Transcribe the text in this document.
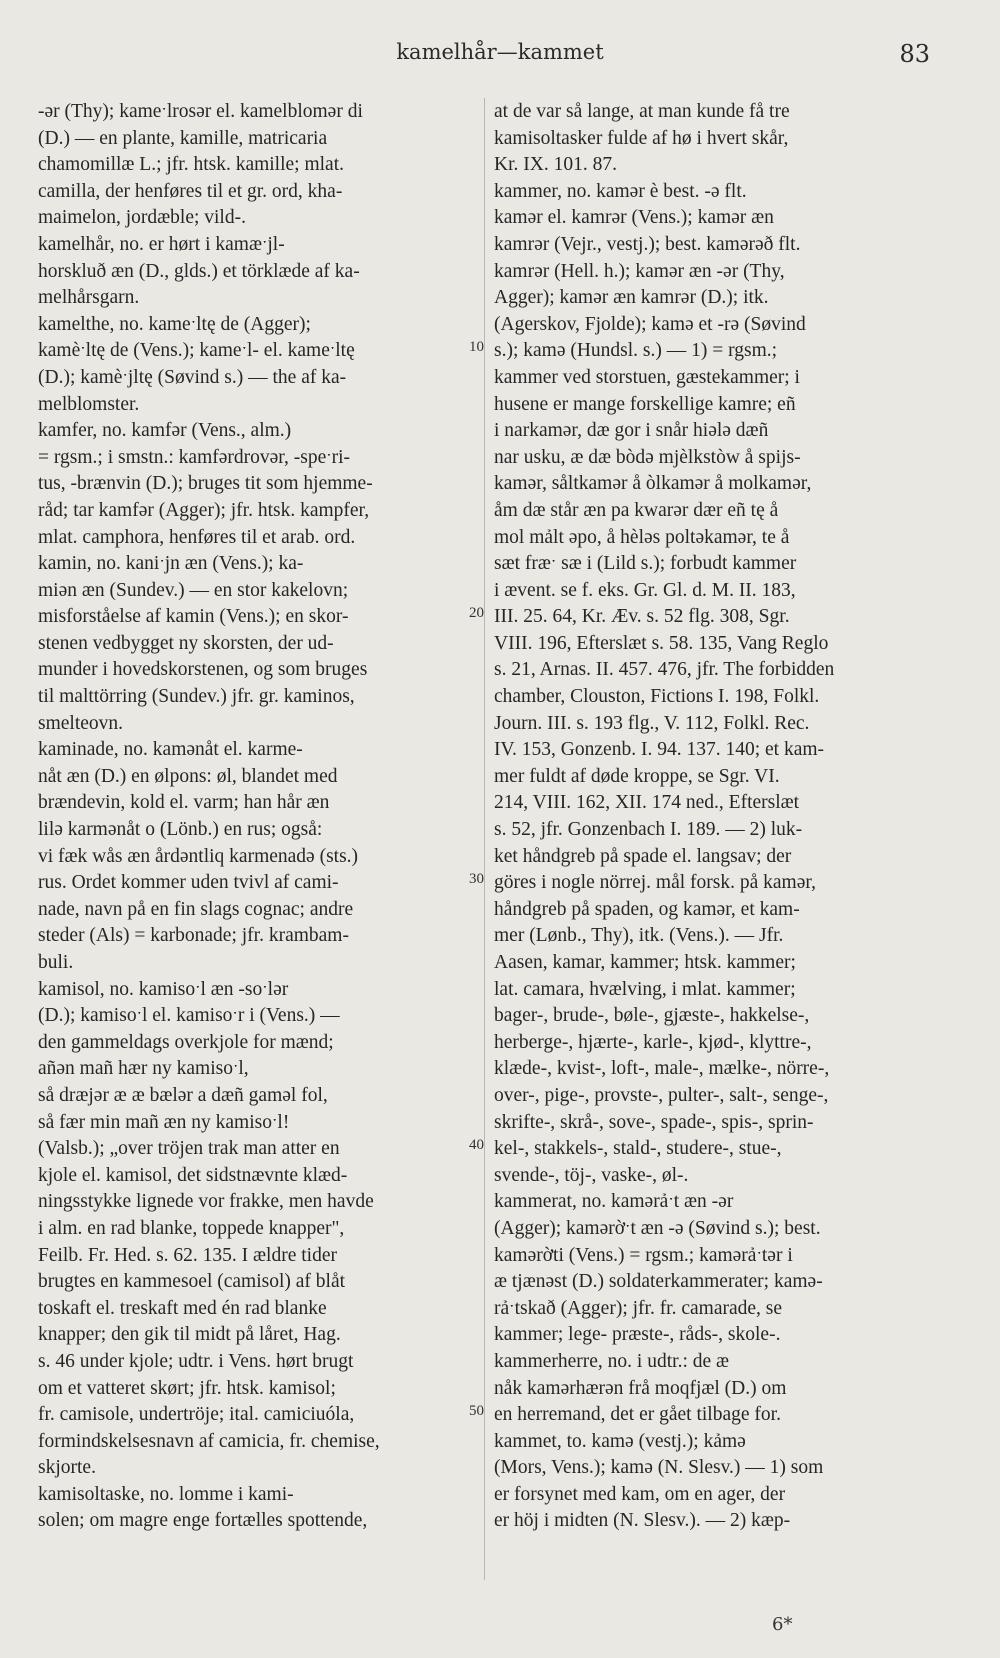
kamelhår—kammet	83
-ər (Thy); kameˑlrosər el. kamelblomər di
(D.) — en plante, kamille, matricaria
chamomillæ L.; jfr. htsk. kamille; mlat.
camilla, der henføres til et gr. ord, kha-
maimelon, jordæble; vild-.
kamelhår, no. er hørt i kamæˑjl-
horskluð æn (D., glds.) et törklæde af ka-
melhårsgarn.
kamelthe, no. kameˑltę de (Agger);
kamèˑltę de (Vens.); kameˑl- el. kameˑltę
(D.); kamèˑjltę (Søvind s.) — the af ka-
melblomster.
kamfer, no. kamfər (Vens., alm.)
= rgsm.; i smstn.: kamfərdrovər, -speˑri-
tus, -brænvin (D.); bruges tit som hjemme-
råd; tar kamfər (Agger); jfr. htsk. kampfer,
mlat. camphora, henføres til et arab. ord.
kamin, no. kaniˑjn æn (Vens.); ka-
miən æn (Sundev.) — en stor kakelovn;
misforståelse af kamin (Vens.); en skor-
stenen vedbygget ny skorsten, der ud-
munder i hovedskorstenen, og som bruges
til malttörring (Sundev.) jfr. gr. kaminos,
smelteovn.
kaminade, no. kamənåt el. karme-
nåt æn (D.) en ølpons: øl, blandet med
brændevin, kold el. varm; han hår æn
lilə karmənåt o (Lönb.) en rus; også:
vi fæk wås æn årdəntliq karmenadə (sts.)
rus. Ordet kommer uden tvivl af cami-
nade, navn på en fin slags cognac; andre
steder (Als) = karbonade; jfr. krambam-
buli.
kamisol, no. kamisoˑl æn -soˑlər
(D.); kamisoˑl el. kamisoˑr i (Vens.) —
den gammeldags overkjole for mænd;
añən mañ hær ny kamisoˑl,
så dræjər æ æ bælər a dæñ gaməl fol,
så fær min mañ æn ny kamisoˑl!
(Valsb.); „over tröjen trak man atter en
kjole el. kamisol, det sidstnævnte klæd-
ningsstykke lignede vor frakke, men havde
i alm. en rad blanke, toppede knapper",
Feilb. Fr. Hed. s. 62. 135. I ældre tider
brugtes en kammesoel (camisol) af blåt
toskaft el. treskaft med én rad blanke
knapper; den gik til midt på låret, Hag.
s. 46 under kjole; udtr. i Vens. hørt brugt
om et vatteret skørt; jfr. htsk. kamisol;
fr. camisole, undertröje; ital. camiciuóla,
formindskelsesnavn af camicia, fr. chemise,
skjorte.
kamisoltaske, no. lomme i kami-
solen; om magre enge fortælles spottende,
at de var så lange, at man kunde få tre
kamisoltasker fulde af hø i hvert skår,
Kr. IX. 101. 87.
kammer, no. kamər è best. -ə flt.
kamər el. kamrər (Vens.); kamər æn
kamrər (Vejr., vestj.); best. kamərəð flt.
kamrər (Hell. h.); kamər æn -ər (Thy,
Agger); kamər æn kamrər (D.); itk.
(Agerskov, Fjolde); kamə et -rə (Søvind
s.); kamə (Hundsl. s.) — 1) = rgsm.;
kammer ved storstuen, gæstekammer; i
husene er mange forskellige kamre; eñ
i narkamər, dæ gor i snår hiələ dæñ
nar usku, æ dæ bòdə mjèlkstòw å spijs-
kamər, såltkamər å òlkamər å molkamər,
åm dæ står æn pa kwarər dær eñ tę å
mol mảlt əpo, å hèləs poltəkamər, te å
sæt fræˑ sæ i (Lild s.); forbudt kammer
i ævent. se f. eks. Gr. Gl. d. M. II. 183,
III. 25. 64, Kr. Æv. s. 52 flg. 308, Sgr.
VIII. 196, Efterslæt s. 58. 135, Vang Reglo
s. 21, Arnas. II. 457. 476, jfr. The forbidden
chamber, Clouston, Fictions I. 198, Folkl.
Journ. III. s. 193 flg., V. 112, Folkl. Rec.
IV. 153, Gonzenb. I. 94. 137. 140; et kam-
mer fuldt af døde kroppe, se Sgr. VI.
214, VIII. 162, XII. 174 ned., Efterslæt
s. 52, jfr. Gonzenbach I. 189. — 2) luk-
ket håndgreb på spade el. langsav; der
göres i nogle nörrej. mål forsk. på kamər,
håndgreb på spaden, og kamər, et kam-
mer (Lønb., Thy), itk. (Vens.). — Jfr.
Aasen, kamar, kammer; htsk. kammer;
lat. camara, hvælving, i mlat. kammer;
bager-, brude-, bøle-, gjæste-, hakkelse-,
herberge-, hjærte-, karle-, kjød-, klyttre-,
klæde-, kvist-, loft-, male-, mælke-, nörre-,
over-, pige-, provste-, pulter-, salt-, senge-,
skrifte-, skrå-, sove-, spade-, spis-, sprin-
kel-, stakkels-, stald-, studere-, stue-,
svende-, töj-, vaske-, øl-.
kammerat, no. kamərảˑt æn -ər
(Agger); kamərờˑt æn -ə (Søvind s.); best.
kamərờti (Vens.) = rgsm.; kamərảˑtər i
æ tjænəst (D.) soldaterkammerater; kamə-
rảˑtskað (Agger); jfr. fr. camarade, se
kammer; lege- præste-, råds-, skole-.
kammerherre, no. i udtr.: de æ
nåk kamərhærən frå moqfjæl (D.) om
en herremand, det er gået tilbage for.
kammet, to. kamə (vestj.); kảmə
(Mors, Vens.); kamə (N. Slesv.) — 1) som
er forsynet med kam, om en ager, der
er höj i midten (N. Slesv.). — 2) kæp-
10
20
30
40
50
6*
